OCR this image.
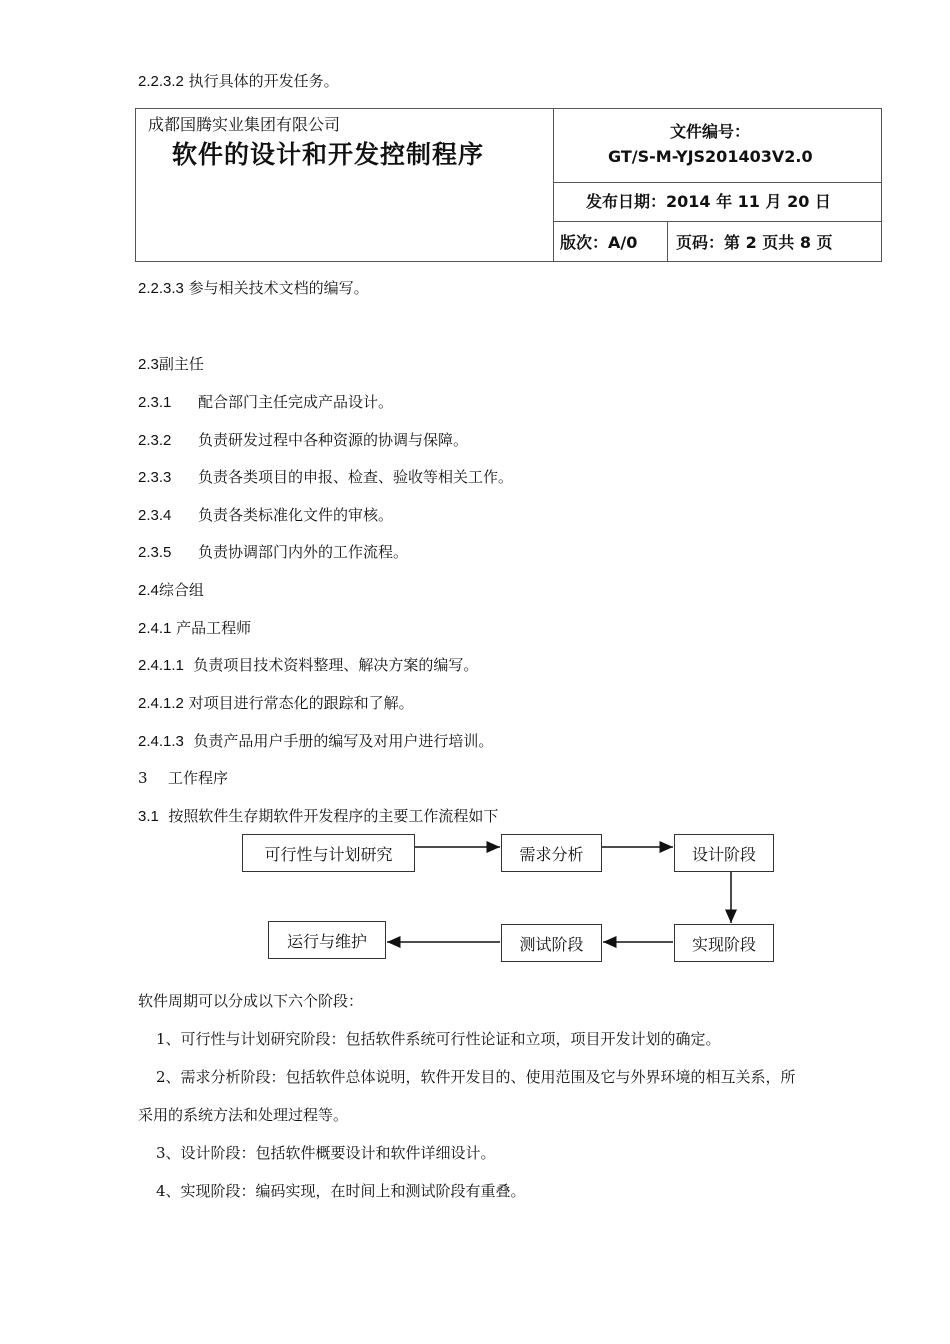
2.2.3.2 执行具体的开发任务。
成都国腾实业集团有限公司
软件的设计和开发控制程序
文件编号：
GT/S-M-YJS201403V2.0
发布日期：2014 年 11 月 20 日
版次：A/0 页码：第 2 页共 8 页
2.2.3.3 参与相关技术文档的编写。
2.3副主任
2.3.1 配合部门主任完成产品设计。
2.3.2 负责研发过程中各种资源的协调与保障。
2.3.3 负责各类项目的申报、检查、验收等相关工作。
2.3.4 负责各类标准化文件的审核。
2.3.5 负责协调部门内外的工作流程。
2.4综合组
2.4.1 产品工程师
2.4.1.1 负责项目技术资料整理、解决方案的编写。
2.4.1.2 对项目进行常态化的跟踪和了解。
2.4.1.3 负责产品用户手册的编写及对用户进行培训。
3 工作程序
3.1 按照软件生存期软件开发程序的主要工作流程如下
可行性与计划研究	需求分析	设计阶段
实现阶段
测试阶段
运行与维护
软件周期可以分成以下六个阶段：
1、可行性与计划研究阶段：包括软件系统可行性论证和立项，项目开发计划的确定。
2、需求分析阶段：包括软件总体说明，软件开发目的、使用范围及它与外界环境的相互关系，所
采用的系统方法和处理过程等。
3、设计阶段：包括软件概要设计和软件详细设计。
4、实现阶段：编码实现，在时间上和测试阶段有重叠。
